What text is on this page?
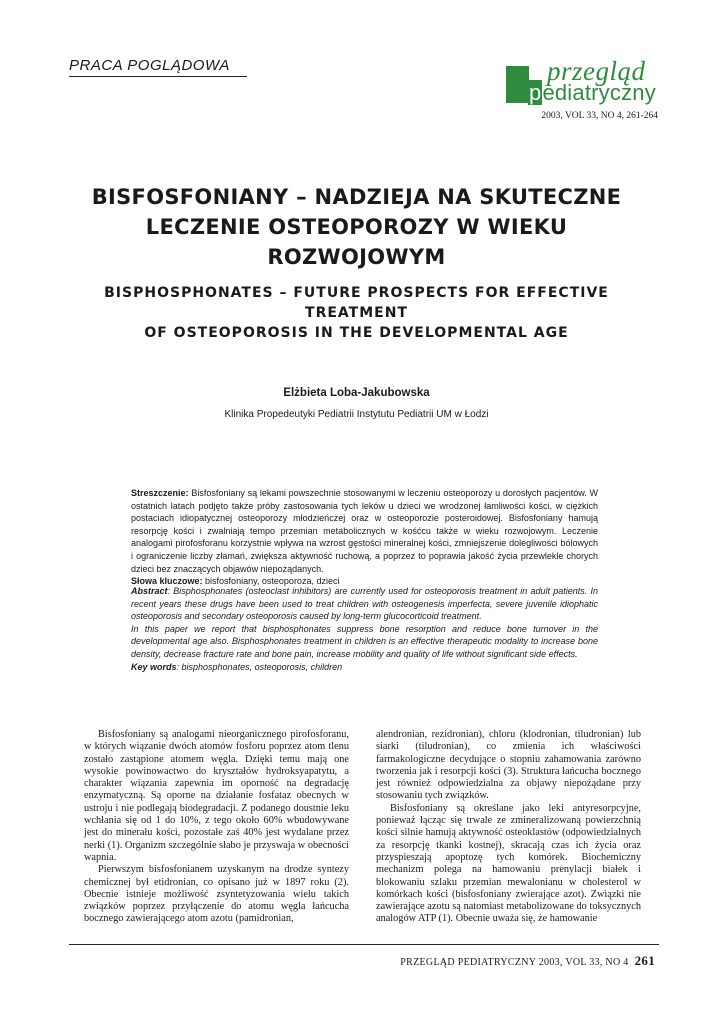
PRACA POGLĄDOWA	przegląd
pediatryczny
2003, VOL 33, NO 4, 261-264
BISFOSFONIANY – NADZIEJA NA SKUTECZNE
LECZENIE OSTEOPOROZY W WIEKU
ROZWOJOWYM
BISPHOSPHONATES – FUTURE PROSPECTS FOR EFFECTIVE TREATMENT
OF OSTEOPOROSIS IN THE DEVELOPMENTAL AGE
Elżbieta Loba-Jakubowska
Klinika Propedeutyki Pediatrii Instytutu Pediatrii UM w Łodzi

Streszczenie: Bisfosfoniany są lekami powszechnie stosowanymi w leczeniu osteoporozy u dorosłych pacjentów. W ostatnich latach podjęto także próby zastosowania tych leków u dzieci we wrodzonej łamliwości kości, w ciężkich postaciach idiopatycznej osteoporozy młodzieńczej oraz w osteoporozie posteroidowej. Bisfosfoniany hamują resorpcję kości i zwalniają tempo przemian metabolicznych w kośćcu także w wieku rozwojowym. Leczenie analogami pirofosforanu korzystnie wpływa na wzrost gęstości mineralnej kości, zmniejszenie dolegliwości bólowych i ograniczenie liczby złamań, zwiększa aktywność ruchową, a poprzez to poprawia jakość życia przewlekle chorych dzieci bez znaczących objawów niepożądanych.

Słowa kluczowe: bisfosfoniany, osteoporoza, dzieci

Abstract: Bisphosphonates (osteoclast inhibitors) are currently used for osteoporosis treatment in adult patients. In recent years these drugs have been used to treat children with osteogenesis imperfecta, severe juvenile idiophatic osteoporosis and secondary osteoporosis caused by long-term glucocorticoid treatment.

In this paper we report that bisphosphonates suppress bone resorption and reduce bone turnover in the developmental age also. Bisphosphonates treatment in children is an effective therapeutic modality to increase bone density, decrease fracture rate and bone pain, increase mobility and quality of life without significant side effects.

Key words: bisphosphonates, osteoporosis, children

Bisfosfoniany są analogami nieorganicznego pirofosforanu, w których wiązanie dwóch atomów fosforu poprzez atom tlenu zostało zastąpione atomem węgla. Dzięki temu mają one wysokie powinowactwo do kryształów hydroksyapatytu, a charakter wiązania zapewnia im oporność na degradację enzymatyczną. Są oporne na działanie fosfataz obecnych w ustroju i nie podlegają biodegradacji. Z podanego doustnie leku wchłania się od 1 do 10%, z tego około 60% wbudowywane jest do minerału kości, pozostałe zaś 40% jest wydalane przez nerki (1). Organizm szczególnie słabo je przyswaja w obecności wapnia.

Pierwszym bisfosfonianem uzyskanym na drodze syntezy chemicznej był etidronian, co opisano już w 1897 roku (2). Obecnie istnieje możliwość zsyntetyzowania wielu takich związków poprzez przyłączenie do atomu węgla łańcucha bocznego zawierającego atom azotu (pamidronian,

alendronian, rezidronian), chloru (klodronian, tiludronian) lub siarki (tiludronian), co zmienia ich właściwości farmakologiczne decydujące o stopniu zahamowania zarówno tworzenia jak i resorpcji kości (3). Struktura łańcucha bocznego jest również odpowiedzialna za objawy niepożądane przy stosowaniu tych związków.

Bisfosfoniany są określane jako leki antyresorpcyjne, ponieważ łącząc się trwale ze zmineralizowaną powierzchnią kości silnie hamują aktywność osteoklastów (odpowiedzialnych za resorpcję tkanki kostnej), skracają czas ich życia oraz przyspieszają apoptozę tych komórek. Biochemiczny mechanizm polega na hamowaniu prenylacji białek i blokowaniu szlaku przemian mewalonianu w cholesterol w komórkach kości (bisfosfoniany zwierające azot). Związki nie zawierające azotu są natomiast metabolizowane do toksycznych analogów ATP (1). Obecnie uważa się, że hamowanie

PRZEGLĄD PEDIATRYCZNY 2003, VOL 33, NO 4 261
